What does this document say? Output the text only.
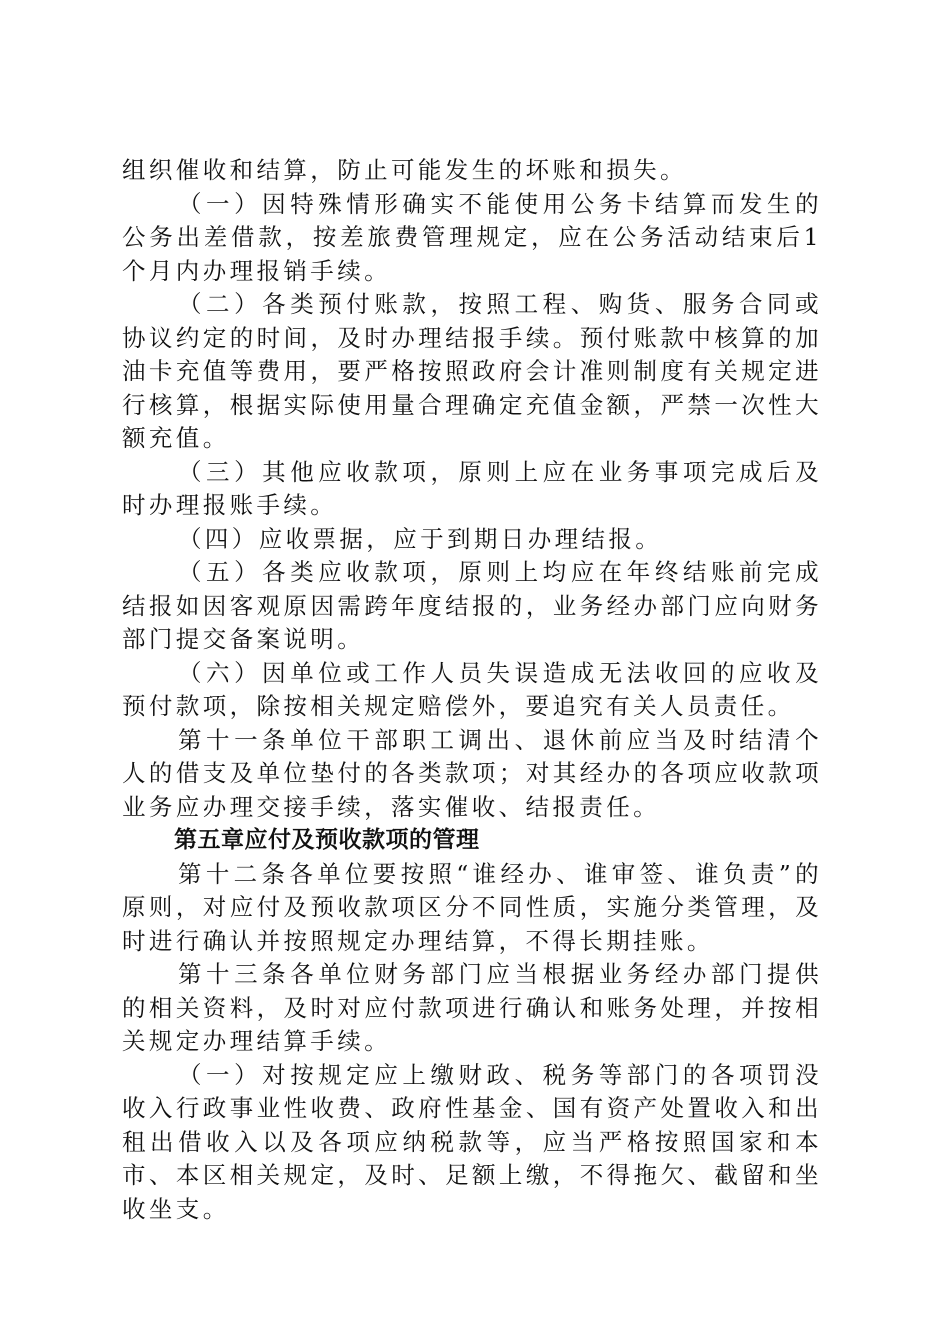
组织催收和结算，防止可能发生的坏账和损失。

（一）因特殊情形确实不能使用公务卡结算而发生的公务出差借款，按差旅费管理规定，应在公务活动结束后1个月内办理报销手续。

（二）各类预付账款，按照工程、购货、服务合同或协议约定的时间，及时办理结报手续。预付账款中核算的加油卡充值等费用，要严格按照政府会计准则制度有关规定进行核算，根据实际使用量合理确定充值金额，严禁一次性大额充值。

（三）其他应收款项，原则上应在业务事项完成后及时办理报账手续。

（四）应收票据，应于到期日办理结报。

（五）各类应收款项，原则上均应在年终结账前完成结报如因客观原因需跨年度结报的，业务经办部门应向财务部门提交备案说明。

（六）因单位或工作人员失误造成无法收回的应收及预付款项，除按相关规定赔偿外，要追究有关人员责任。

第十一条单位干部职工调出、退休前应当及时结清个人的借支及单位垫付的各类款项；对其经办的各项应收款项业务应办理交接手续，落实催收、结报责任。

第五章应付及预收款项的管理

第十二条各单位要按照“谁经办、谁审签、谁负责”的原则，对应付及预收款项区分不同性质，实施分类管理，及时进行确认并按照规定办理结算，不得长期挂账。

第十三条各单位财务部门应当根据业务经办部门提供的相关资料，及时对应付款项进行确认和账务处理，并按相关规定办理结算手续。

（一）对按规定应上缴财政、税务等部门的各项罚没收入行政事业性收费、政府性基金、国有资产处置收入和出租出借收入以及各项应纳税款等，应当严格按照国家和本市、本区相关规定，及时、足额上缴，不得拖欠、截留和坐收坐支。
